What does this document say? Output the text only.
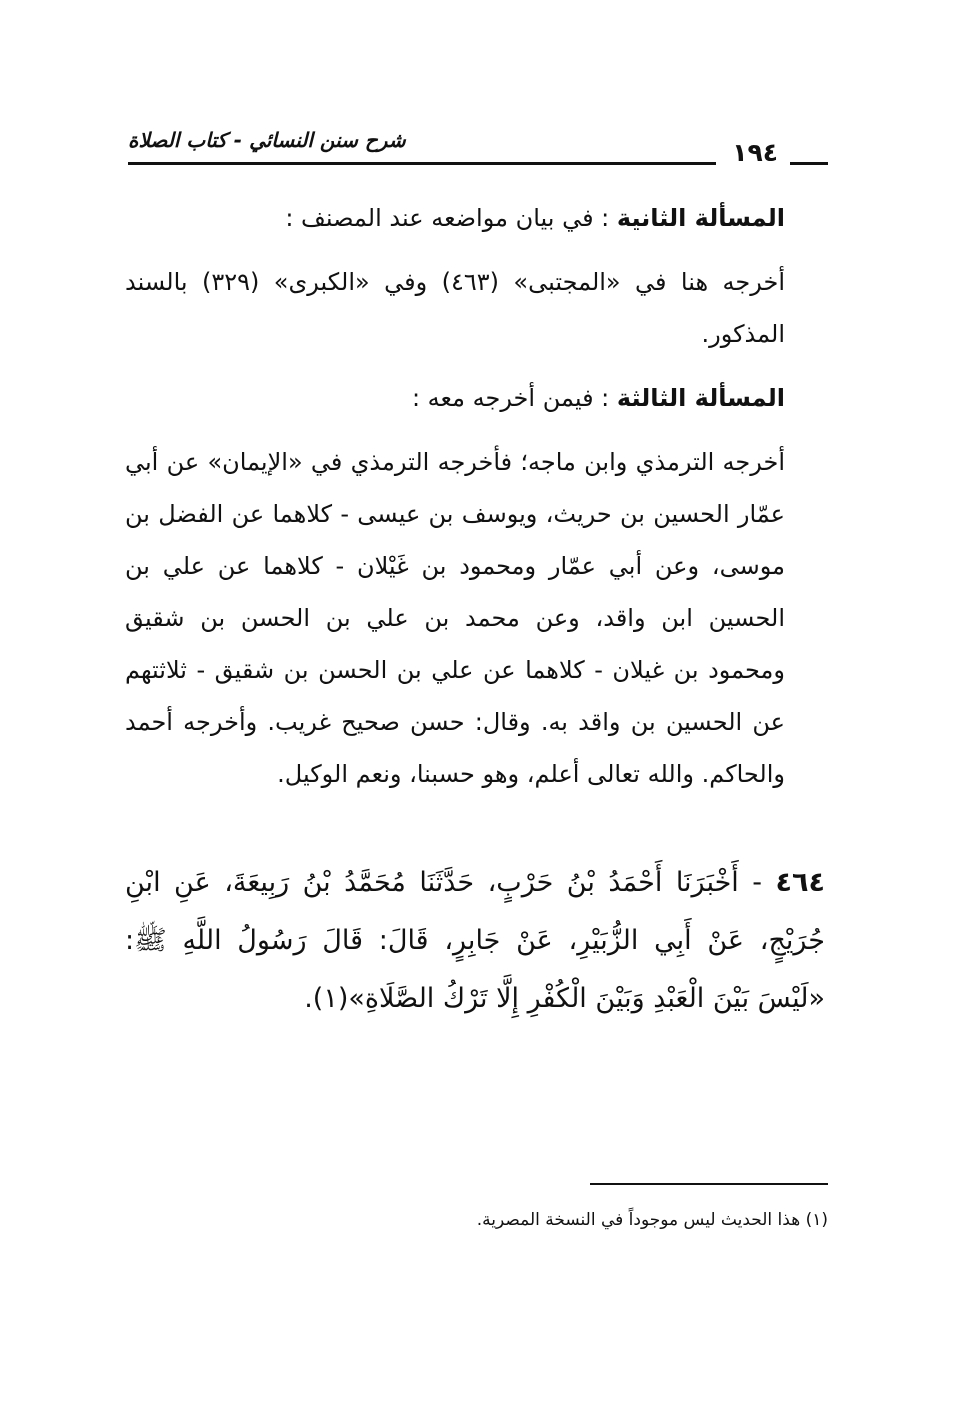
١٩٤
شرح سنن النسائي - كتاب الصلاة

المسألة الثانية : في بيان مواضعه عند المصنف :

أخرجه هنا في «المجتبى» (٤٦٣) وفي «الكبرى» (٣٢٩) بالسند المذكور.

المسألة الثالثة : فيمن أخرجه معه :

أخرجه الترمذي وابن ماجه؛ فأخرجه الترمذي في «الإيمان» عن أبي عمّار الحسين بن حريث، ويوسف بن عيسى - كلاهما عن الفضل بن موسى، وعن أبي عمّار ومحمود بن غَيْلان - كلاهما عن علي بن الحسين ابن واقد، وعن محمد بن علي بن الحسن بن شقيق ومحمود بن غيلان - كلاهما عن علي بن الحسن بن شقيق - ثلاثتهم عن الحسين بن واقد به. وقال: حسن صحيح غريب. وأخرجه أحمد والحاكم. والله تعالى أعلم، وهو حسبنا، ونعم الوكيل.

٤٦٤ - أَخْبَرَنَا أَحْمَدُ بْنُ حَرْبٍ، حَدَّثَنَا مُحَمَّدُ بْنُ رَبِيعَةَ، عَنِ ابْنِ جُرَيْجٍ، عَنْ أَبِي الزُّبَيْرِ، عَنْ جَابِرٍ، قَالَ: قَالَ رَسُولُ اللَّهِ ﷺ: «لَيْسَ بَيْنَ الْعَبْدِ وَبَيْنَ الْكُفْرِ إِلَّا تَرْكُ الصَّلَاةِ»(١).
(١) هذا الحديث ليس موجوداً في النسخة المصرية.
